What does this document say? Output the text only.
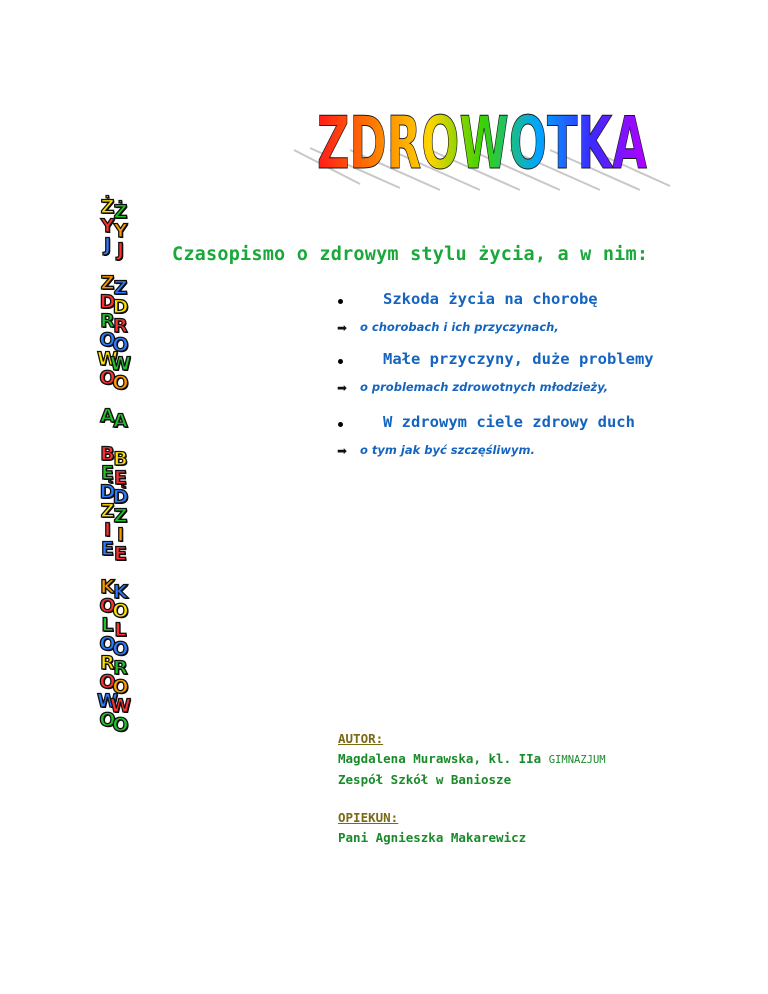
ZDROWOTKA
Ż
Y
J
Z
D
R
O
W
O
A
B
Ę
D
Z
I
E
K
O
L
O
R
O
W
O
Ż
Y
J
Z
D
R
O
W
O
A
B
Ę
D
Z
I
E
K
O
L
O
R
O
W
O
Czasopismo o zdrowym stylu życia, a w nim:
Szkoda życia na chorobę
➡ o chorobach i ich przyczynach,
Małe przyczyny, duże problemy
➡ o problemach zdrowotnych młodzieży,
W zdrowym ciele zdrowy duch
➡ o tym jak być szczęśliwym.
AUTOR:
Magdalena Murawska, kl. IIa GIMNAZJUM
Zespół Szkół w Baniosze
OPIEKUN:
Pani Agnieszka Makarewicz
